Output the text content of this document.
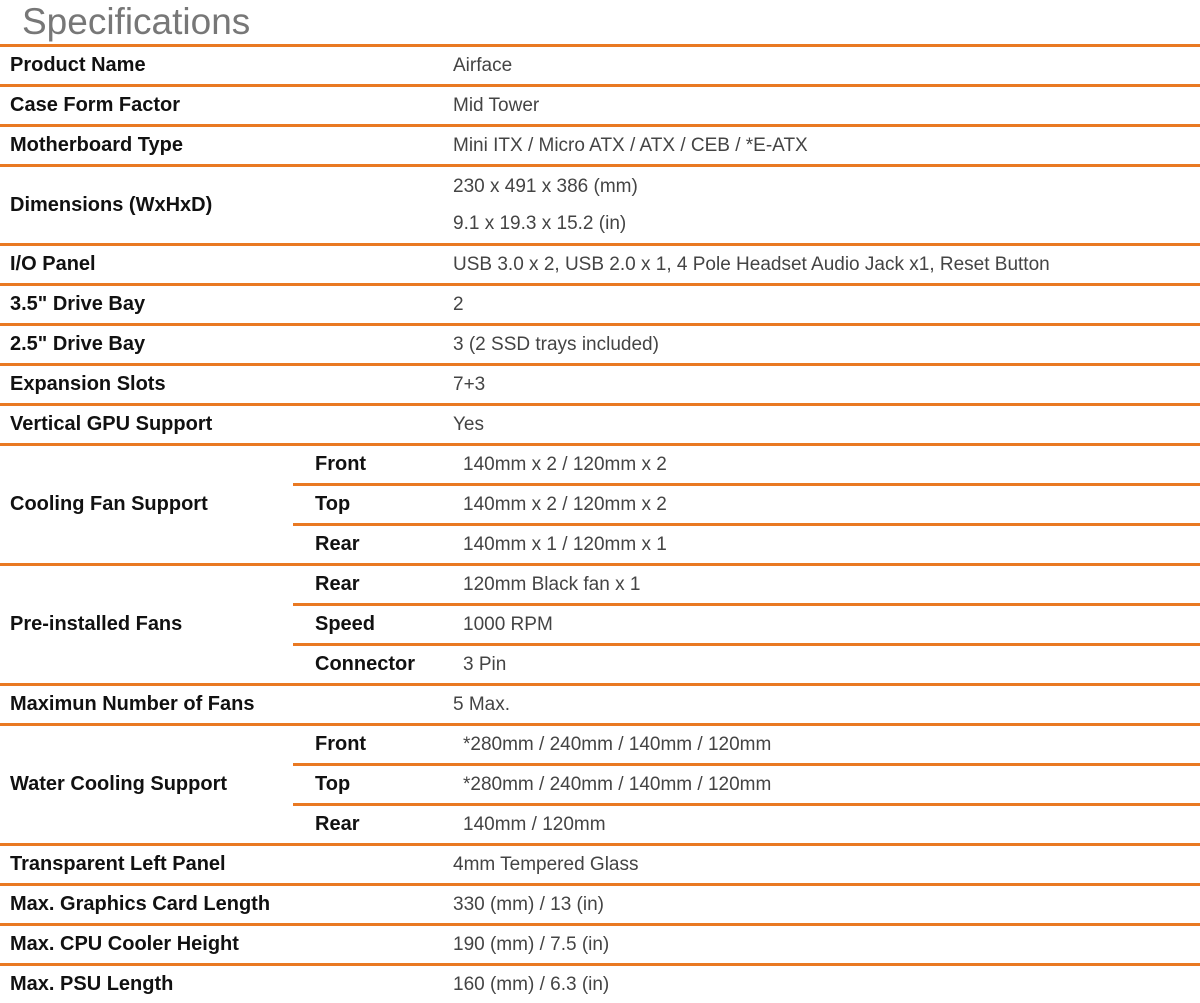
Specifications
Product Name		Airface
Case Form Factor		Mid Tower
Motherboard Type		Mini ITX / Micro ATX / ATX / CEB / *E-ATX
Dimensions (WxHxD)		230 x 491 x 386 (mm)
9.1 x 19.3 x 15.2 (in)

I/O Panel		USB 3.0 x 2, USB 2.0 x 1, 4 Pole Headset Audio Jack x1, Reset Button
3.5" Drive Bay		2
2.5" Drive Bay		3 (2 SSD trays included)
Expansion Slots		7+3
Vertical GPU Support		Yes
Cooling Fan Support	Front	140mm x 2 / 120mm x 2
	Top	140mm x 2 / 120mm x 2
	Rear	140mm x 1 / 120mm x 1
Pre-installed Fans	Rear	120mm Black fan x 1
	Speed	1000 RPM
	Connector	3 Pin
Maximun Number of Fans		5 Max.
Water Cooling Support	Front	*280mm / 240mm / 140mm / 120mm
	Top	*280mm / 240mm / 140mm / 120mm
	Rear	140mm / 120mm
Transparent Left Panel		4mm Tempered Glass
Max. Graphics Card Length		330 (mm) / 13 (in)
Max. CPU Cooler Height		190 (mm) / 7.5 (in)
Max. PSU Length		160 (mm) / 6.3 (in)
